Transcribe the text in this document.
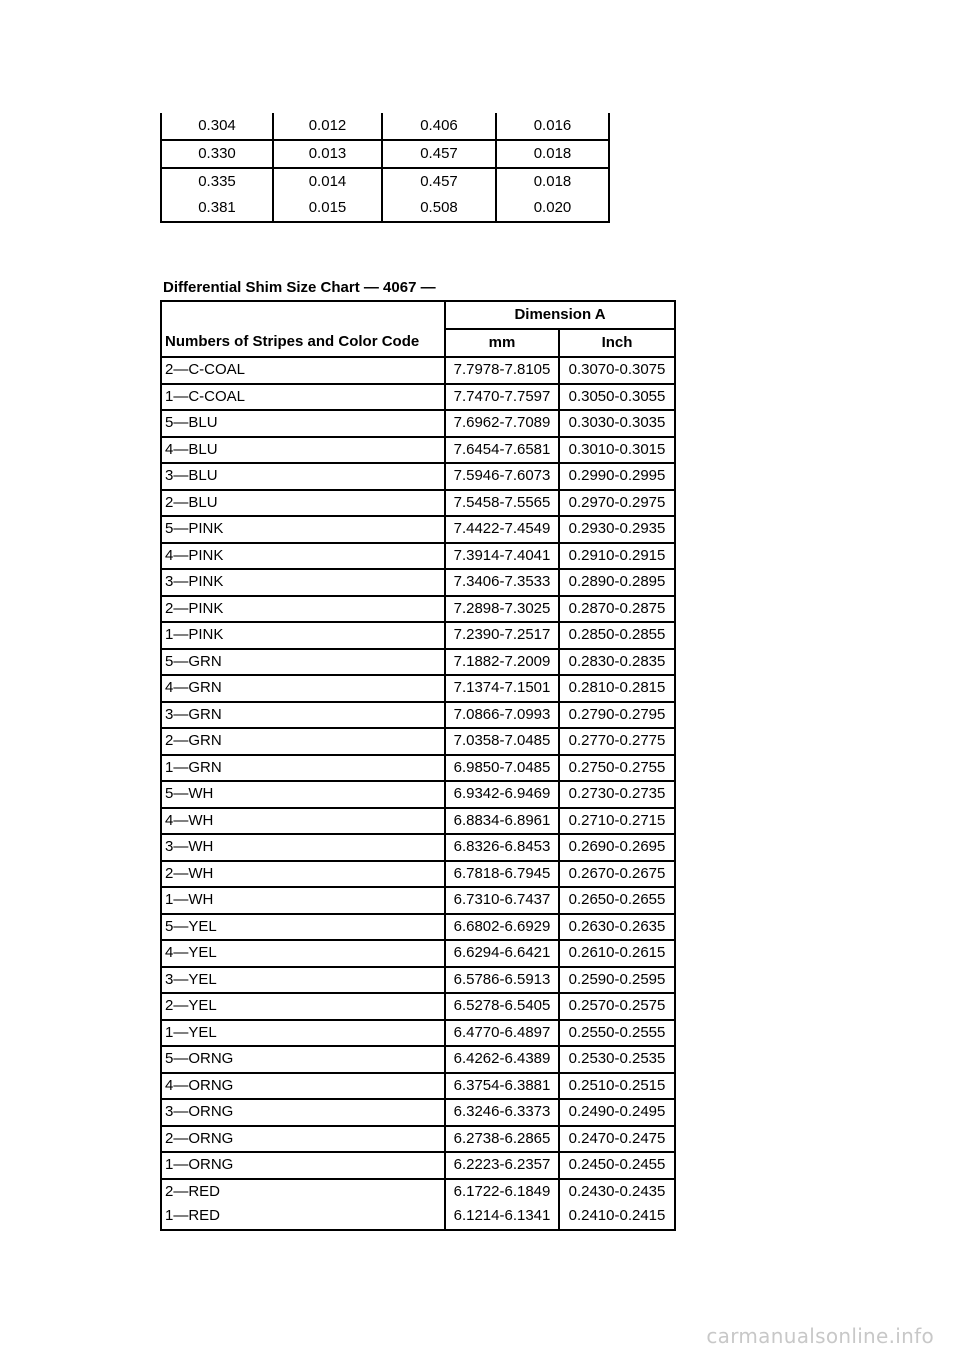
0.304	0.012	0.406	0.016
0.330	0.013	0.457	0.018
0.335	0.014	0.457	0.018
0.381	0.015	0.508	0.020
Differential Shim Size Chart — 4067 —
Numbers of Stripes and Color Code	Dimension A	
	mm	Inch
2—C-COAL	7.7978-7.8105	0.3070-0.3075
1—C-COAL	7.7470-7.7597	0.3050-0.3055
5—BLU	7.6962-7.7089	0.3030-0.3035
4—BLU	7.6454-7.6581	0.3010-0.3015
3—BLU	7.5946-7.6073	0.2990-0.2995
2—BLU	7.5458-7.5565	0.2970-0.2975
5—PINK	7.4422-7.4549	0.2930-0.2935
4—PINK	7.3914-7.4041	0.2910-0.2915
3—PINK	7.3406-7.3533	0.2890-0.2895
2—PINK	7.2898-7.3025	0.2870-0.2875
1—PINK	7.2390-7.2517	0.2850-0.2855
5—GRN	7.1882-7.2009	0.2830-0.2835
4—GRN	7.1374-7.1501	0.2810-0.2815
3—GRN	7.0866-7.0993	0.2790-0.2795
2—GRN	7.0358-7.0485	0.2770-0.2775
1—GRN	6.9850-7.0485	0.2750-0.2755
5—WH	6.9342-6.9469	0.2730-0.2735
4—WH	6.8834-6.8961	0.2710-0.2715
3—WH	6.8326-6.8453	0.2690-0.2695
2—WH	6.7818-6.7945	0.2670-0.2675
1—WH	6.7310-6.7437	0.2650-0.2655
5—YEL	6.6802-6.6929	0.2630-0.2635
4—YEL	6.6294-6.6421	0.2610-0.2615
3—YEL	6.5786-6.5913	0.2590-0.2595
2—YEL	6.5278-6.5405	0.2570-0.2575
1—YEL	6.4770-6.4897	0.2550-0.2555
5—ORNG	6.4262-6.4389	0.2530-0.2535
4—ORNG	6.3754-6.3881	0.2510-0.2515
3—ORNG	6.3246-6.3373	0.2490-0.2495
2—ORNG	6.2738-6.2865	0.2470-0.2475
1—ORNG	6.2223-6.2357	0.2450-0.2455
2—RED	6.1722-6.1849	0.2430-0.2435
1—RED	6.1214-6.1341	0.2410-0.2415
carmanualsonline.info
